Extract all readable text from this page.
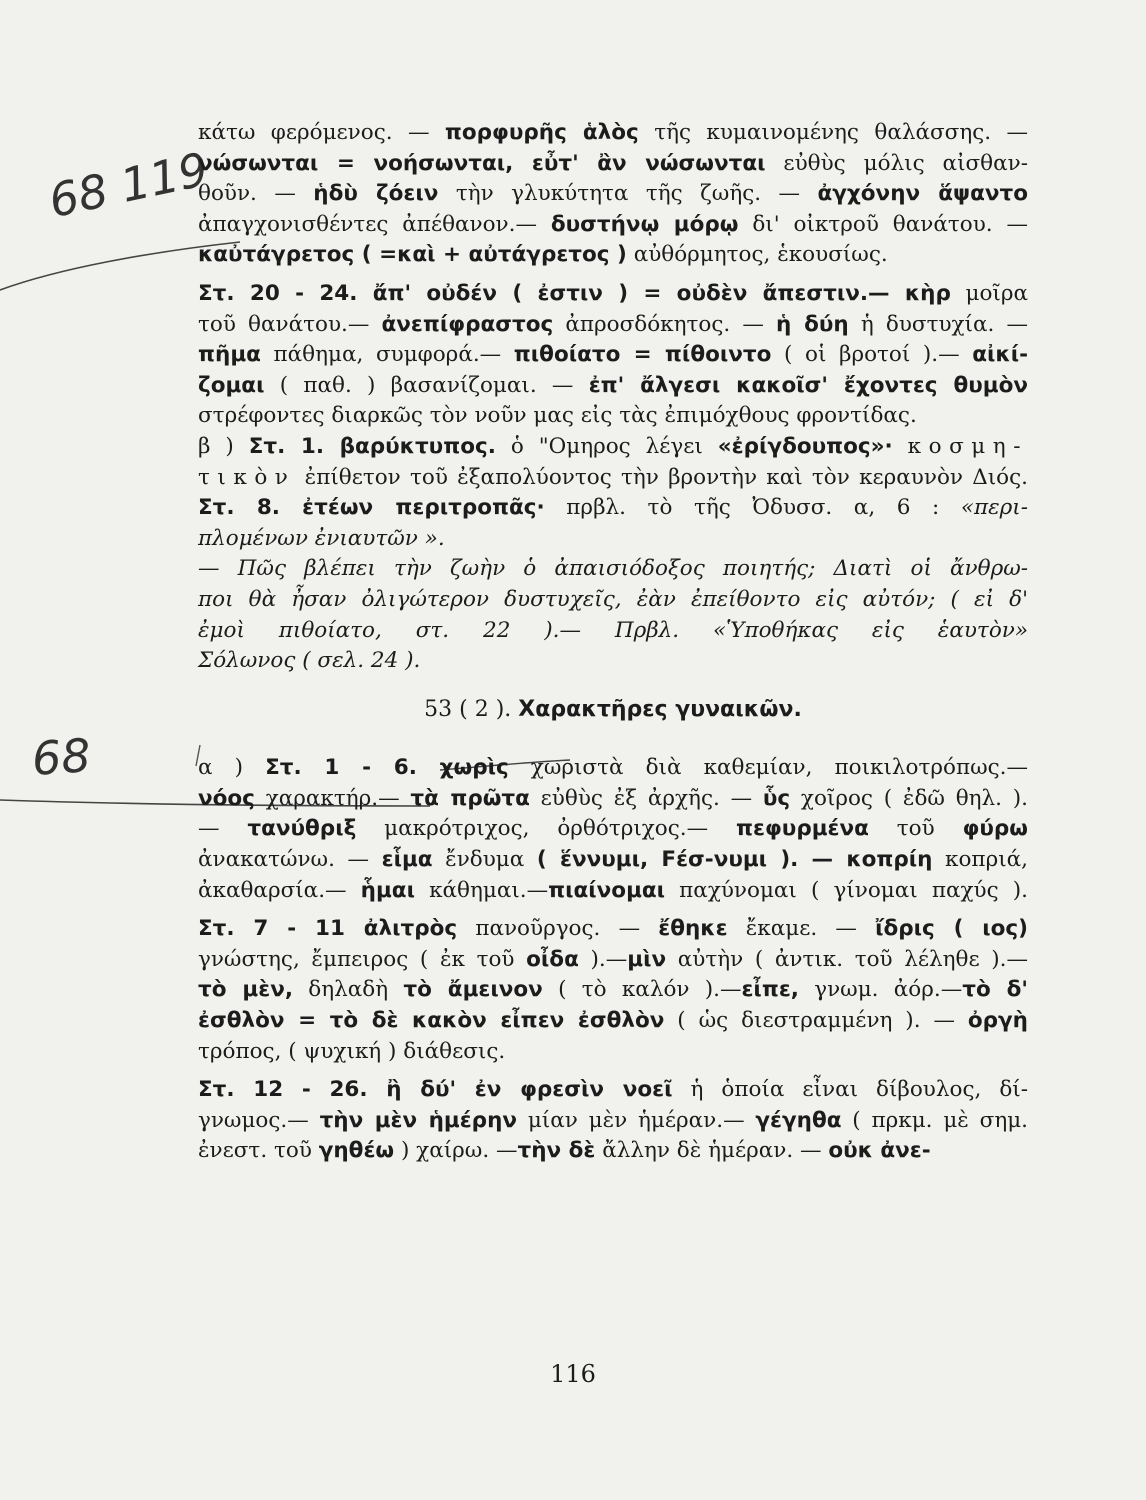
68 119
68

κάτω φερόμενος. — πορφυρῆς ἁλὸς τῆς κυμαινομένης θαλάσσης. —

νώσωνται = νοήσωνται, εὖτ' ἂν νώσωνται εὐθὺς μόλις αἰσθαν-

θοῦν. — ἡδὺ ζόειν τὴν γλυκύτητα τῆς ζωῆς. — ἀγχόνην ἅψαντο

ἀπαγχονισθέντες ἀπέθανον.— δυστήνῳ μόρῳ δι' οἰκτροῦ θανάτου. —

καὐτάγρετος ( =καὶ + αὐτάγρετος ) αὐθόρμητος, ἑκουσίως.

Στ. 20 - 24. ἄπ' οὐδέν ( ἐστιν ) = οὐδὲν ἄπεστιν.— κὴρ μοῖρα

τοῦ θανάτου.— ἀνεπίφραστος ἀπροσδόκητος. — ἡ δύη ἡ δυστυχία. —

πῆμα πάθημα, συμφορά.— πιθοίατο = πίθοιντο ( οἱ βροτοί ).— αἰκί-

ζομαι ( παθ. ) βασανίζομαι. — ἐπ' ἄλγεσι κακοῖσ' ἔχοντες θυμὸν

στρέφοντες διαρκῶς τὸν νοῦν μας εἰς τὰς ἐπιμόχθους φροντίδας.

β ) Στ. 1. βαρύκτυπος. ὁ "Ομηρος λέγει «ἐρίγδουπος»· κοσμη-

τικὸν ἐπίθετον τοῦ ἐξαπολύοντος τὴν βροντὴν καὶ τὸν κεραυνὸν Διός.

Στ. 8. ἐτέων περιτροπᾶς· πρβλ. τὸ τῆς Ὀδυσσ. α, 6 : «περι-

πλομένων ἐνιαυτῶν ».

— Πῶς βλέπει τὴν ζωὴν ὁ ἀπαισιόδοξος ποιητής; Διατὶ οἱ ἄνθρω-

ποι θὰ ἦσαν ὀλιγώτερον δυστυχεῖς, ἐὰν ἐπείθοντο εἰς αὐτόν; ( εἰ δ'

ἐμοὶ πιθοίατο, στ. 22 ).— Πρβλ. «Ὑποθήκας εἰς ἑαυτὸν»

Σόλωνος ( σελ. 24 ).

53 ( 2 ). Χαρακτῆρες γυναικῶν.

α ) Στ. 1 - 6. χωρὶς χωριστὰ διὰ καθεμίαν, ποικιλοτρόπως.—

νόος χαρακτήρ.— τὰ πρῶτα εὐθὺς ἐξ ἀρχῆς. — ὗς χοῖρος ( ἐδῶ θηλ. ).

— τανύθριξ μακρότριχος, ὀρθότριχος.— πεφυρμένα τοῦ φύρω

ἀνακατώνω. — εἷμα ἔνδυμα ( ἕννυμι, Fέσ-νυμι ). — κοπρίη κοπριά,

ἀκαθαρσία.— ἧμαι κάθημαι.—πιαίνομαι παχύνομαι ( γίνομαι παχύς ).

Στ. 7 - 11 ἀλιτρὸς πανοῦργος. — ἔθηκε ἔκαμε. — ἴδρις ( ιος)

γνώστης, ἔμπειρος ( ἐκ τοῦ οἶδα ).—μὶν αὐτὴν ( ἀντικ. τοῦ λέληθε ).—

τὸ μὲν, δηλαδὴ τὸ ἄμεινον ( τὸ καλόν ).—εἶπε, γνωμ. ἀόρ.—τὸ δ'

ἐσθλὸν = τὸ δὲ κακὸν εἶπεν ἐσθλὸν ( ὡς διεστραμμένη ). — ὀργὴ

τρόπος, ( ψυχική ) διάθεσις.

Στ. 12 - 26. ἢ δύ' ἐν φρεσὶν νοεῖ ἡ ὁποία εἶναι δίβουλος, δί-

γνωμος.— τὴν μὲν ἡμέρην μίαν μὲν ἡμέραν.— γέγηθα ( πρκμ. μὲ σημ.

ἐνεστ. τοῦ γηθέω ) χαίρω. —τὴν δὲ ἄλλην δὲ ἡμέραν. — οὐκ ἀνε-

116
